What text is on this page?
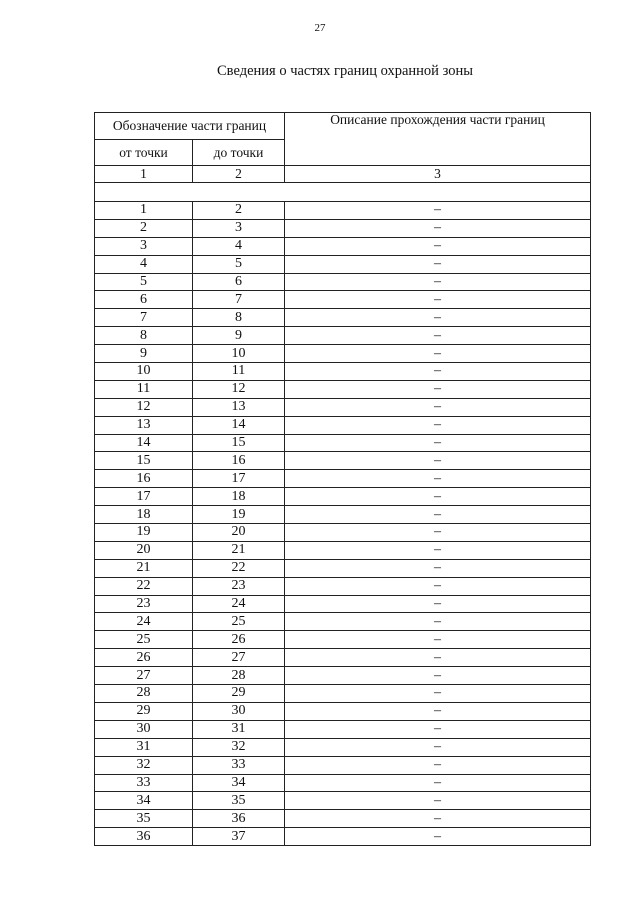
27
Сведения о частях границ охранной зоны
Обозначение части границ		Описание прохождения части границ
от точки	до точки	
1	2	3

1	2	–
2	3	–
3	4	–
4	5	–
5	6	–
6	7	–
7	8	–
8	9	–
9	10	–
10	11	–
11	12	–
12	13	–
13	14	–
14	15	–
15	16	–
16	17	–
17	18	–
18	19	–
19	20	–
20	21	–
21	22	–
22	23	–
23	24	–
24	25	–
25	26	–
26	27	–
27	28	–
28	29	–
29	30	–
30	31	–
31	32	–
32	33	–
33	34	–
34	35	–
35	36	–
36	37	–
